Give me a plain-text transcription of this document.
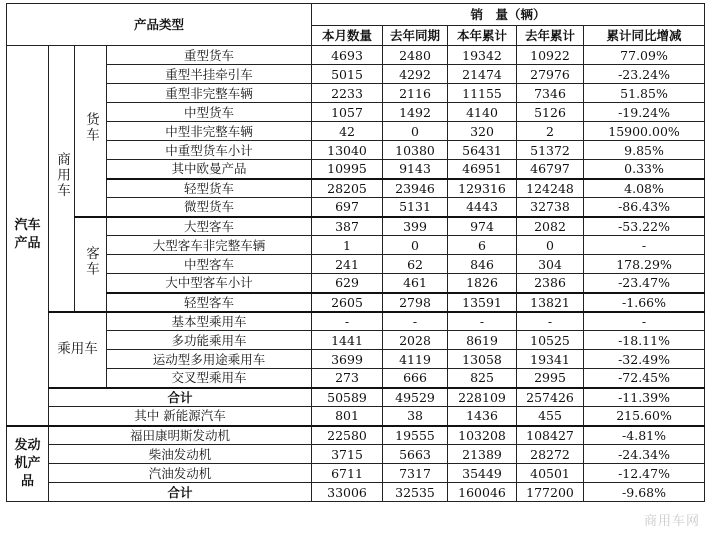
产品类型				销　量（辆）				
				本月数量	去年同期	本年累计	去年累计	累计同比增减
汽车产品	商用车	货车	重型货车	4693	2480	19342	10922	77.09%
			重型半挂牵引车	5015	4292	21474	27976	-23.24%
			重型非完整车辆	2233	2116	11155	7346	51.85%
			中型货车	1057	1492	4140	5126	-19.24%
			中型非完整车辆	42	0	320	2	15900.00%
			中重型货车小计	13040	10380	56431	51372	9.85%
			其中欧曼产品	10995	9143	46951	46797	0.33%
			轻型货车	28205	23946	129316	124248	4.08%
			微型货车	697	5131	4443	32738	-86.43%
		客车	大型客车	387	399	974	2082	-53.22%
			大型客车非完整车辆	1	0	6	0	-
			中型客车	241	62	846	304	178.29%
			大中型客车小计	629	461	1826	2386	-23.47%
			轻型客车	2605	2798	13591	13821	-1.66%
	乘用车		基本型乘用车	-	-	-	-	-
			多功能乘用车	1441	2028	8619	10525	-18.11%
			运动型多用途乘用车	3699	4119	13058	19341	-32.49%
			交叉型乘用车	273	666	825	2995	-72.45%
	合计			50589	49529	228109	257426	-11.39%
	其中 新能源汽车			801	38	1436	455	215.60%
发动机产品	福田康明斯发动机			22580	19555	103208	108427	-4.81%
	柴油发动机			3715	5663	21389	28272	-24.34%
	汽油发动机			6711	7317	35449	40501	-12.47%
	合计			33006	32535	160046	177200	-9.68%
商用车网
